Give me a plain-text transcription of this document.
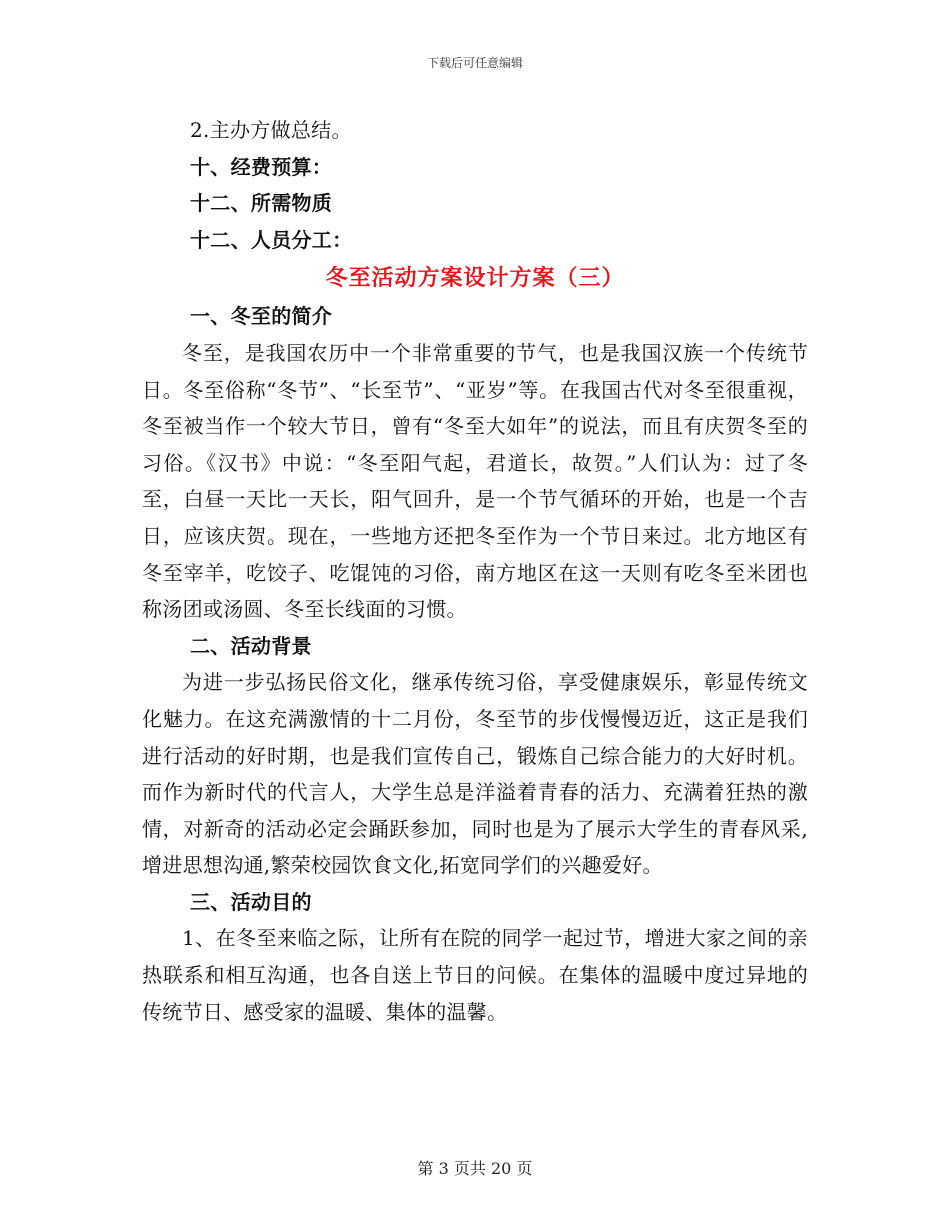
下载后可任意编辑
2.主办方做总结。
十、经费预算：
十二、所需物质
十二、人员分工：
冬至活动方案设计方案（三）
一、冬至的简介
冬至，是我国农历中一个非常重要的节气，也是我国汉族一个传统节日。冬至俗称“冬节”、“长至节”、“亚岁”等。在我国古代对冬至很重视，冬至被当作一个较大节日，曾有“冬至大如年”的说法，而且有庆贺冬至的习俗。《汉书》中说：“冬至阳气起，君道长，故贺。”人们认为：过了冬至，白昼一天比一天长，阳气回升，是一个节气循环的开始，也是一个吉日，应该庆贺。现在，一些地方还把冬至作为一个节日来过。北方地区有冬至宰羊，吃饺子、吃馄饨的习俗，南方地区在这一天则有吃冬至米团也称汤团或汤圆、冬至长线面的习惯。
二、活动背景
为进一步弘扬民俗文化，继承传统习俗，享受健康娱乐，彰显传统文化魅力。在这充满激情的十二月份，冬至节的步伐慢慢迈近，这正是我们进行活动的好时期，也是我们宣传自己，锻炼自己综合能力的大好时机。而作为新时代的代言人，大学生总是洋溢着青春的活力、充满着狂热的激情，对新奇的活动必定会踊跃参加，同时也是为了展示大学生的青春风采,增进思想沟通,繁荣校园饮食文化,拓宽同学们的兴趣爱好。
三、活动目的
1、在冬至来临之际，让所有在院的同学一起过节，增进大家之间的亲热联系和相互沟通，也各自送上节日的问候。在集体的温暖中度过异地的传统节日、感受家的温暖、集体的温馨。
第 3 页共 20 页
